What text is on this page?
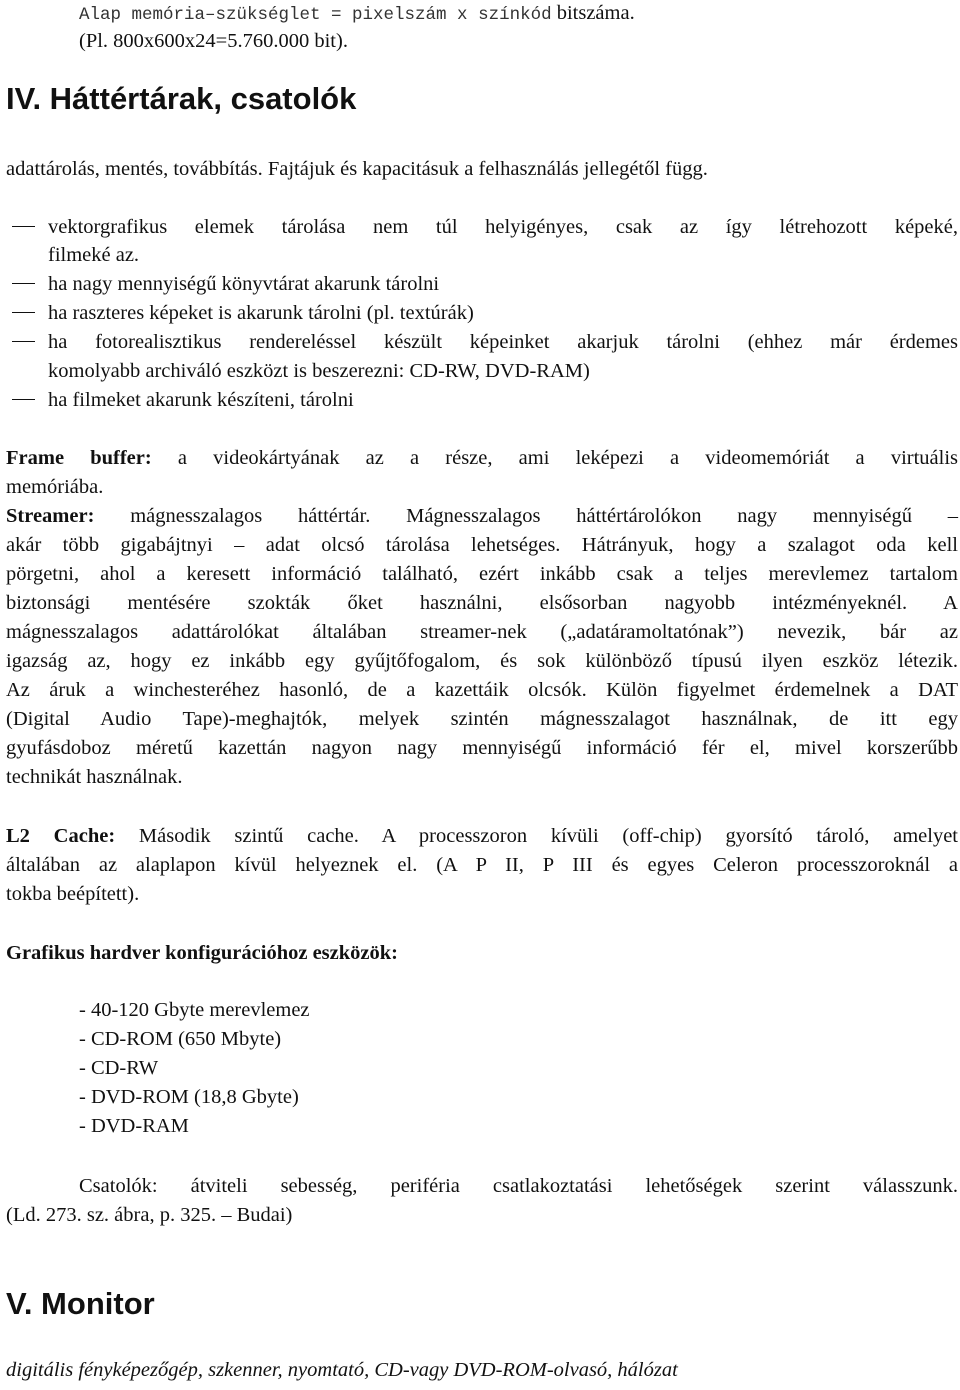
Alap memória–szükséglet = pixelszám x színkód bitszáma.
(Pl. 800x600x24=5.760.000 bit).
IV. Háttértárak, csatolók
adattárolás, mentés, továbbítás. Fajtájuk és kapacitásuk a felhasználás jellegétől függ.
vektorgrafikus elemek tárolása nem túl helyigényes, csak az így létrehozott képeké,
filmeké az.
ha nagy mennyiségű könyvtárat akarunk tárolni
ha raszteres képeket is akarunk tárolni (pl. textúrák)
ha fotorealisztikus rendereléssel készült képeinket akarjuk tárolni (ehhez már érdemes
komolyabb archiváló eszközt is beszerezni: CD-RW, DVD-RAM)
ha filmeket akarunk készíteni, tárolni
Frame buffer: a videokártyának az a része, ami leképezi a videomemóriát a virtuális
memóriába.
Streamer: mágnesszalagos háttértár. Mágnesszalagos háttértárolókon nagy mennyiségű –
akár több gigabájtnyi – adat olcsó tárolása lehetséges. Hátrányuk, hogy a szalagot oda kell
pörgetni, ahol a keresett információ található, ezért inkább csak a teljes merevlemez tartalom
biztonsági mentésére szokták őket használni, elsősorban nagyobb intézményeknél. A
mágnesszalagos adattárolókat általában streamer-nek („adatáramoltatónak”) nevezik, bár az
igazság az, hogy ez inkább egy gyűjtőfogalom, és sok különböző típusú ilyen eszköz létezik.
Az áruk a winchesteréhez hasonló, de a kazettáik olcsók. Külön figyelmet érdemelnek a DAT
(Digital Audio Tape)-meghajtók, melyek szintén mágnesszalagot használnak, de itt egy
gyufásdoboz méretű kazettán nagyon nagy mennyiségű információ fér el, mivel korszerűbb
technikát használnak.
L2 Cache: Második szintű cache. A processzoron kívüli (off-chip) gyorsító tároló, amelyet
általában az alaplapon kívül helyeznek el. (A P II, P III és egyes Celeron processzoroknál a
tokba beépített).
Grafikus hardver konfigurációhoz eszközök:
- 40-120 Gbyte merevlemez
- CD-ROM (650 Mbyte)
- CD-RW
- DVD-ROM (18,8 Gbyte)
- DVD-RAM
Csatolók: átviteli sebesség, periféria csatlakoztatási lehetőségek szerint válasszunk.
(Ld. 273. sz. ábra, p. 325. – Budai)
V. Monitor
digitális fényképezőgép, szkenner, nyomtató, CD-vagy DVD-ROM-olvasó, hálózat
